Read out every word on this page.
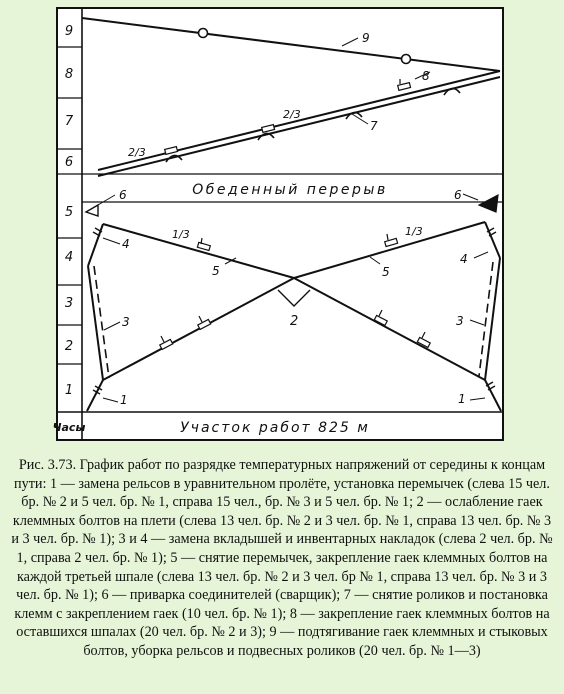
9
8
7
6
5
4
3
2
1
Часы
Обеденный перерыв
Участок работ 825 м
9
8
7
2/3
2/3
6	6
1
4
3
1
4
3
2
1/3	1/3
5	5

Рис. 3.73. График работ по разрядке температурных напряжений от середины к концам пути: 1 — замена рельсов в уравнительном пролёте, установка перемычек (слева 15 чел. бр. № 2 и 5 чел. бр. № 1, справа 15 чел., бр. № 3 и 5 чел. бр. № 1; 2 — ослабление гаек клеммных болтов на плети (слева 13 чел. бр. № 2 и 3 чел. бр. № 1, справа 13 чел. бр. № 3 и 3 чел. бр. № 1); 3 и 4 — замена вкладышей и инвентарных накладок (слева 2 чел. бр. № 1, справа 2 чел. бр. № 1); 5 — снятие перемычек, закрепление гаек клеммных болтов на каждой третьей шпале (слева 13 чел. бр. № 2 и 3 чел. бр № 1, справа 13 чел. бр. № 3 и 3 чел. бр. № 1); 6 — приварка соединителей (сварщик); 7 — снятие роликов и постановка клемм с закреплением гаек (10 чел. бр. № 1); 8 — закрепление гаек клеммных болтов на оставшихся шпалах (20 чел. бр. № 2 и 3); 9 — подтягивание гаек клеммных и стыковых болтов, уборка рельсов и подвесных роликов (20 чел. бр. № 1—3)
